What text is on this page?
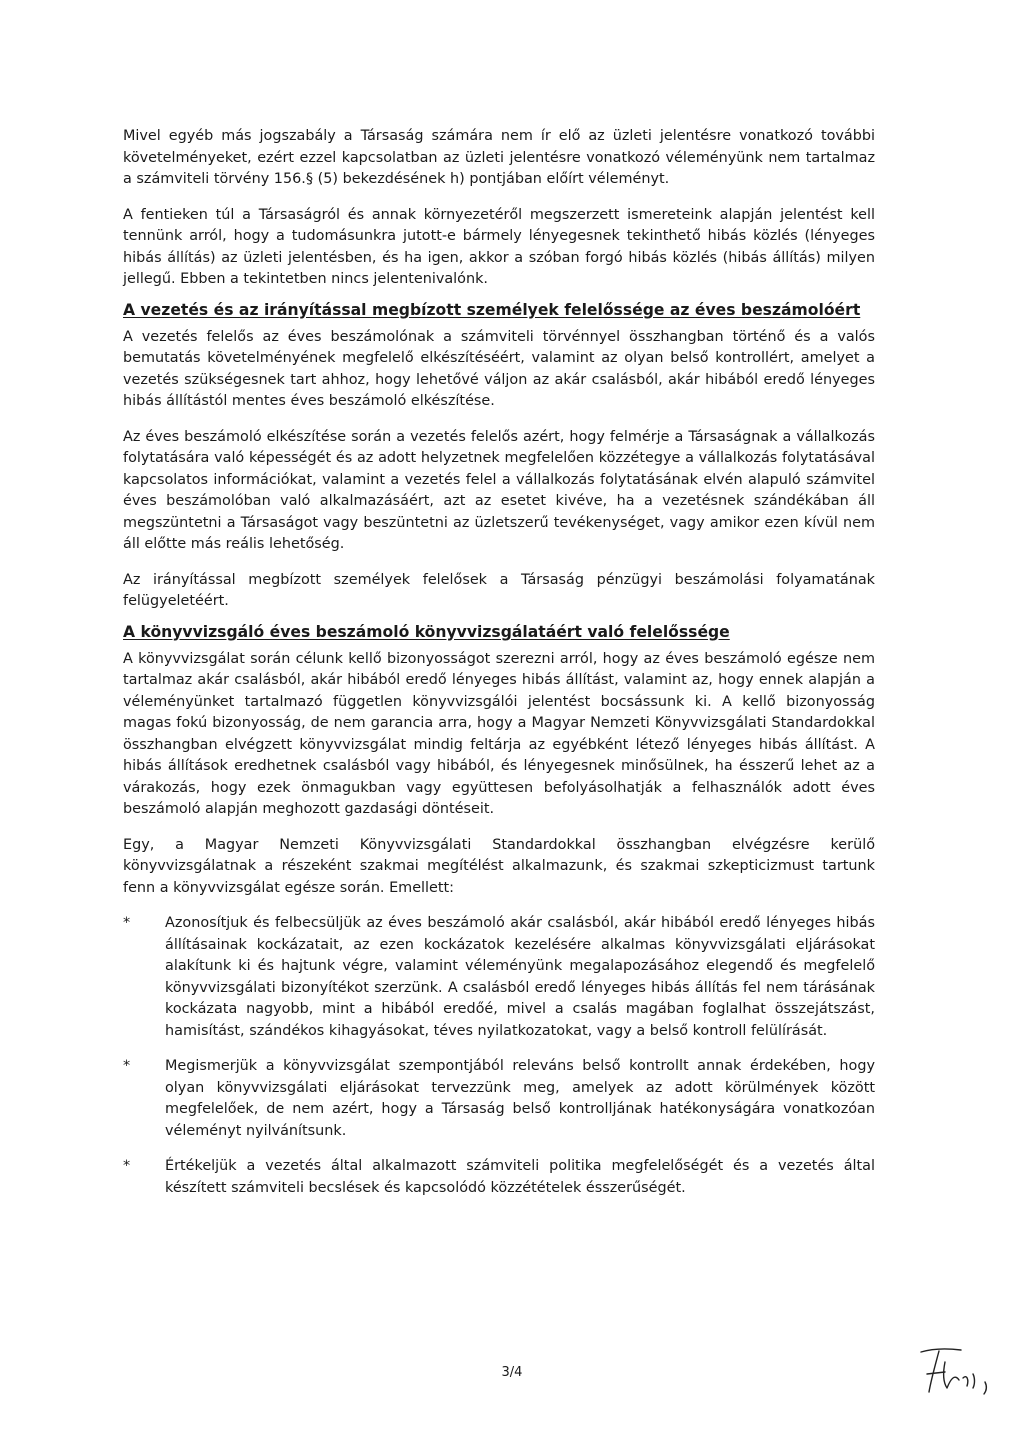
Mivel egyéb más jogszabály a Társaság számára nem ír elő az üzleti jelentésre vonatkozó további követelményeket, ezért ezzel kapcsolatban az üzleti jelentésre vonatkozó véleményünk nem tartalmaz a számviteli törvény 156.§ (5) bekezdésének h) pontjában előírt véleményt.

A fentieken túl a Társaságról és annak környezetéről megszerzett ismereteink alapján jelentést kell tennünk arról, hogy a tudomásunkra jutott-e bármely lényegesnek tekinthető hibás közlés (lényeges hibás állítás) az üzleti jelentésben, és ha igen, akkor a szóban forgó hibás közlés (hibás állítás) milyen jellegű. Ebben a tekintetben nincs jelentenivalónk.

A vezetés és az irányítással megbízott személyek felelőssége az éves beszámolóért

A vezetés felelős az éves beszámolónak a számviteli törvénnyel összhangban történő és a valós bemutatás követelményének megfelelő elkészítéséért, valamint az olyan belső kontrollért, amelyet a vezetés szükségesnek tart ahhoz, hogy lehetővé váljon az akár csalásból, akár hibából eredő lényeges hibás állítástól mentes éves beszámoló elkészítése.

Az éves beszámoló elkészítése során a vezetés felelős azért, hogy felmérje a Társaságnak a vállalkozás folytatására való képességét és az adott helyzetnek megfelelően közzétegye a vállalkozás folytatásával kapcsolatos információkat, valamint a vezetés felel a vállalkozás folytatásának elvén alapuló számvitel éves beszámolóban való alkalmazásáért, azt az esetet kivéve, ha a vezetésnek szándékában áll megszüntetni a Társaságot vagy beszüntetni az üzletszerű tevékenységet, vagy amikor ezen kívül nem áll előtte más reális lehetőség.

Az irányítással megbízott személyek felelősek a Társaság pénzügyi beszámolási folyamatának felügyeletéért.

A könyvvizsgáló éves beszámoló könyvvizsgálatáért való felelőssége

A könyvvizsgálat során célunk kellő bizonyosságot szerezni arról, hogy az éves beszámoló egésze nem tartalmaz akár csalásból, akár hibából eredő lényeges hibás állítást, valamint az, hogy ennek alapján a véleményünket tartalmazó független könyvvizsgálói jelentést bocsássunk ki. A kellő bizonyosság magas fokú bizonyosság, de nem garancia arra, hogy a Magyar Nemzeti Könyvvizsgálati Standardokkal összhangban elvégzett könyvvizsgálat mindig feltárja az egyébként létező lényeges hibás állítást. A hibás állítások eredhetnek csalásból vagy hibából, és lényegesnek minősülnek, ha ésszerű lehet az a várakozás, hogy ezek önmagukban vagy együttesen befolyásolhatják a felhasználók adott éves beszámoló alapján meghozott gazdasági döntéseit.

Egy, a Magyar Nemzeti Könyvvizsgálati Standardokkal összhangban elvégzésre kerülő könyvvizsgálatnak a részeként szakmai megítélést alkalmazunk, és szakmai szkepticizmust tartunk fenn a könyvvizsgálat egésze során. Emellett:

* Azonosítjuk és felbecsüljük az éves beszámoló akár csalásból, akár hibából eredő lényeges hibás állításainak kockázatait, az ezen kockázatok kezelésére alkalmas könyvvizsgálati eljárásokat alakítunk ki és hajtunk végre, valamint véleményünk megalapozásához elegendő és megfelelő könyvvizsgálati bizonyítékot szerzünk. A csalásból eredő lényeges hibás állítás fel nem tárásának kockázata nagyobb, mint a hibából eredőé, mivel a csalás magában foglalhat összejátszást, hamisítást, szándékos kihagyásokat, téves nyilatkozatokat, vagy a belső kontroll felülírását.

* Megismerjük a könyvvizsgálat szempontjából releváns belső kontrollt annak érdekében, hogy olyan könyvvizsgálati eljárásokat tervezzünk meg, amelyek az adott körülmények között megfelelőek, de nem azért, hogy a Társaság belső kontrolljának hatékonyságára vonatkozóan véleményt nyilvánítsunk.

* Értékeljük a vezetés által alkalmazott számviteli politika megfelelőségét és a vezetés által készített számviteli becslések és kapcsolódó közzétételek ésszerűségét.

3/4
